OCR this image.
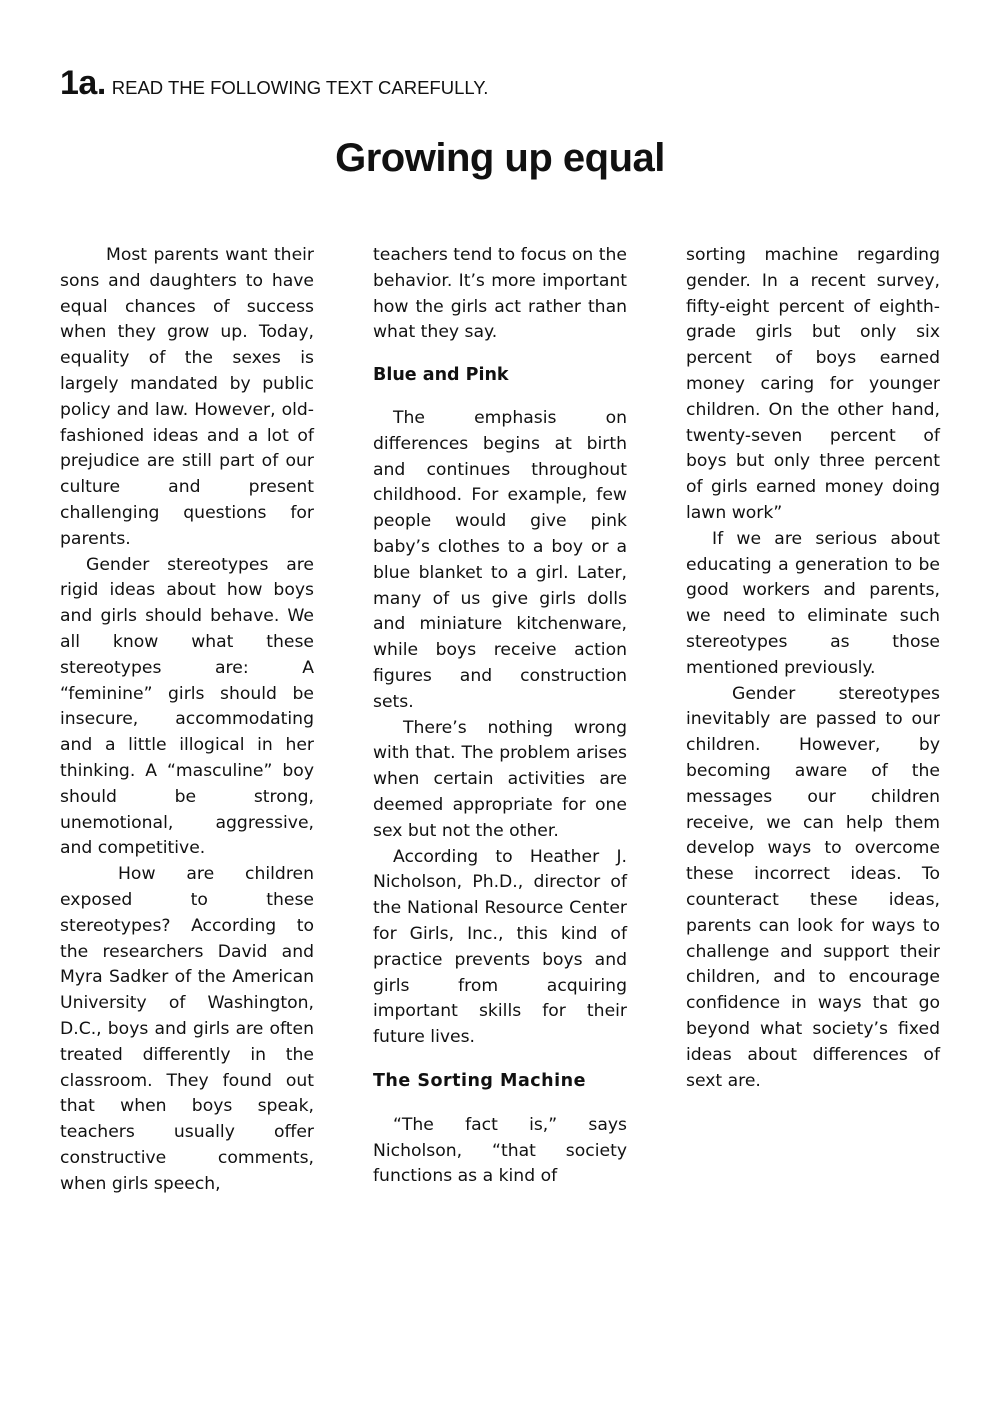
1a. READ THE FOLLOWING TEXT CAREFULLY.
Growing up equal

Most parents want their sons and daughters to have equal chances of success when they grow up. Today, equality of the sexes is largely mandated by public policy and law. However, old-fashioned ideas and a lot of prejudice are still part of our culture and present challenging questions for parents.

Gender stereotypes are rigid ideas about how boys and girls should behave. We all know what these stereotypes are: A “feminine” girls should be insecure, accommodating and a little illogical in her thinking. A “masculine” boy should be strong, unemotional, aggressive, and competitive.

How are children exposed to these stereotypes? According to the researchers David and Myra Sadker of the American University of Washington, D.C., boys and girls are often treated differently in the classroom. They found out that when boys speak, teachers usually offer constructive comments, when girls speech,

teachers tend to focus on the behavior. It’s more important how the girls act rather than what they say.

Blue and Pink

The emphasis on differences begins at birth and continues throughout childhood. For example, few people would give pink baby’s clothes to a boy or a blue blanket to a girl. Later, many of us give girls dolls and miniature kitchenware, while boys receive action figures and construction sets.

There’s nothing wrong with that. The problem arises when certain activities are deemed appropriate for one sex but not the other.

According to Heather J. Nicholson, Ph.D., director of the National Resource Center for Girls, Inc., this kind of practice prevents boys and girls from acquiring important skills for their future lives.

The Sorting Machine

“The fact is,” says Nicholson, “that society functions as a kind of

sorting machine regarding gender. In a recent survey, fifty-eight percent of eighth-grade girls but only six percent of boys earned money caring for younger children. On the other hand, twenty-seven percent of boys but only three percent of girls earned money doing lawn work”

If we are serious about educating a generation to be good workers and parents, we need to eliminate such stereotypes as those mentioned previously.

Gender stereotypes inevitably are passed to our children. However, by becoming aware of the messages our children receive, we can help them develop ways to overcome these incorrect ideas. To counteract these ideas, parents can look for ways to challenge and support their children, and to encourage confidence in ways that go beyond what society’s fixed ideas about differences of sext are.
